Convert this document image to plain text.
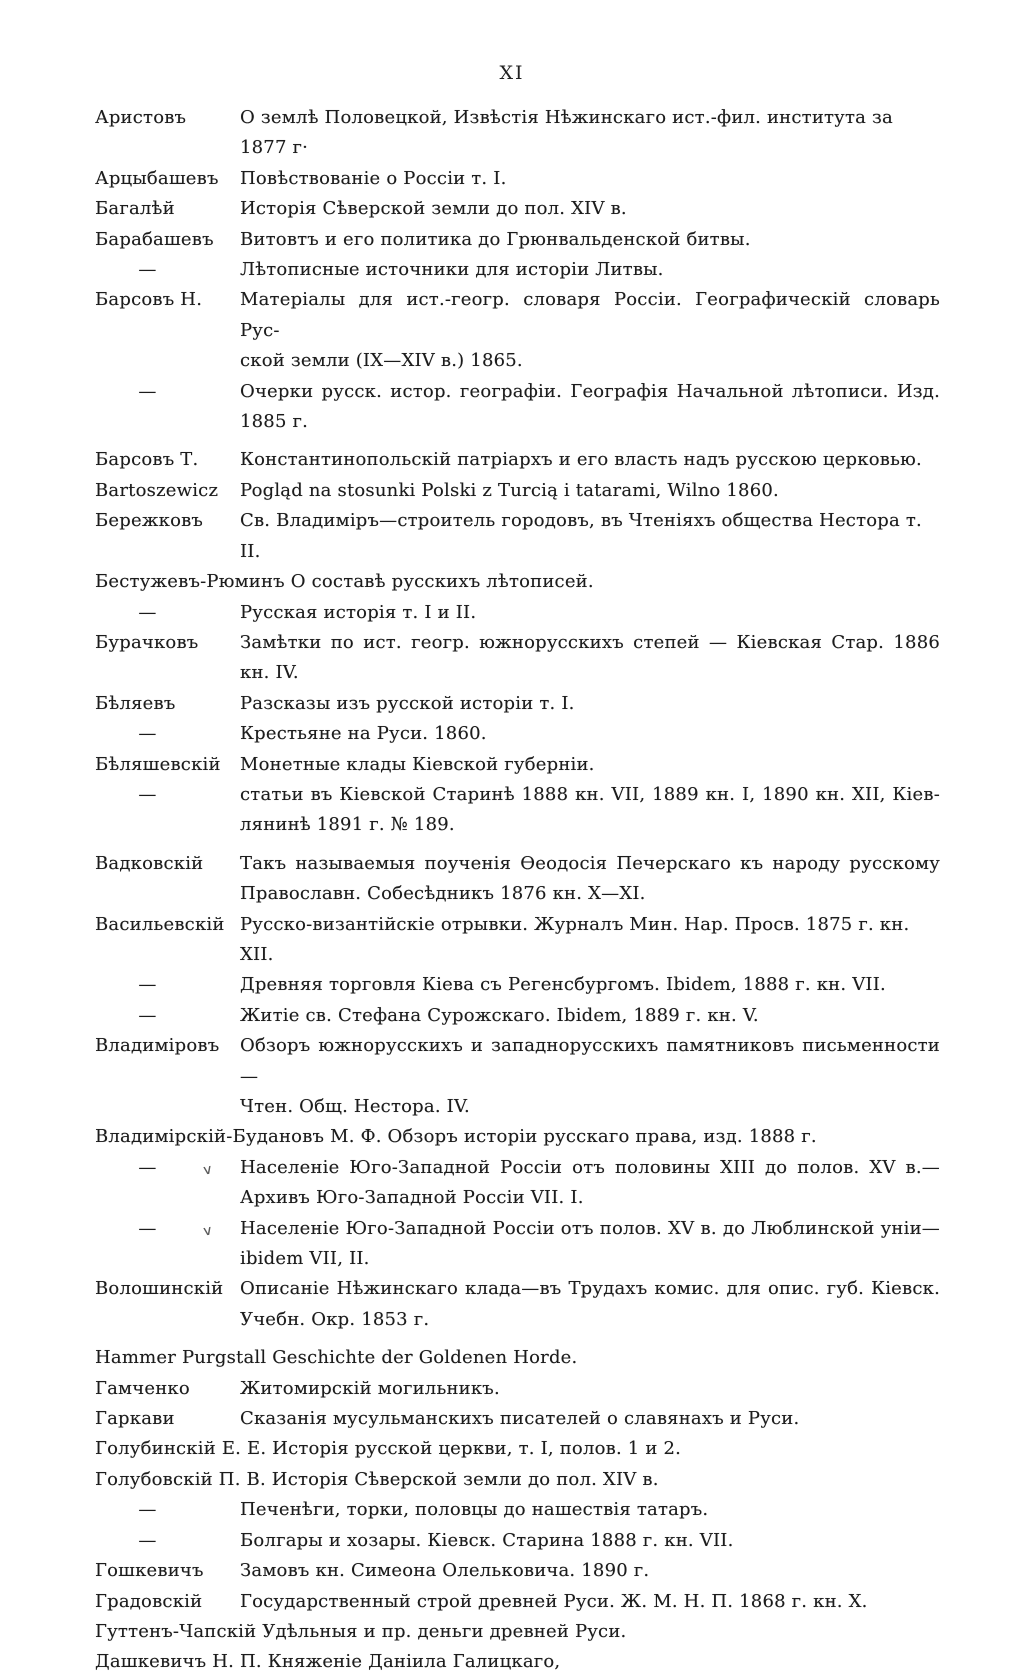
XI
Аристовъ	О землѣ Половецкой, Извѣстія Нѣжинскаго ист.-фил. института за 1877 г·
Арцыбашевъ	Повѣствованіе о Россіи т. I.
Багалѣй	Исторія Сѣверской земли до пол. XIV в.
Барабашевъ	Витовтъ и его политика до Грюнвальденской битвы.
—	Лѣтописные источники для исторіи Литвы.
Барсовъ Н.	Матеріалы для ист.-геогр. словаря Россіи. Географическій словарь Рус-
ской земли (IX—XIV в.) 1865.
—	Очерки русск. истор. географіи. Географія Начальной лѣтописи. Изд.
1885 г.
Барсовъ Т.	Константинопольскій патріархъ и его власть надъ русскою церковью.
Bartoszewicz	Pogląd na stosunki Polski z Turcią i tatarami, Wilno 1860.
Бережковъ	Св. Владиміръ—строитель городовъ, въ Чтеніяхъ общества Нестора т. II.
Бестужевъ-Рюминъ О составѣ русскихъ лѣтописей.
—	Русская исторія т. I и II.
Бурачковъ	Замѣтки по ист. геогр. южнорусскихъ степей — Кіевская Стар. 1886
кн. IV.
Бѣляевъ	Разсказы изъ русской исторіи т. I.
—	Крестьяне на Руси. 1860.
Бѣляшевскій	Монетные клады Кіевской губерніи.
—	статьи въ Кіевской Старинѣ 1888 кн. VII, 1889 кн. I, 1890 кн. XII, Кіев-
лянинѣ 1891 г. № 189.
Вадковскій	Такъ называемыя поученія Ѳеодосія Печерскаго къ народу русскому
Православн. Собесѣдникъ 1876 кн. X—XI.
Васильевскій Русско-византійскіе отрывки. Журналъ Мин. Нар. Просв. 1875 г. кн. XII.
—	Древняя торговля Кіева съ Регенсбургомъ. Ibidem, 1888 г. кн. VII.
—	Житіе св. Стефана Сурожскаго. Ibidem, 1889 г. кн. V.
Владиміровъ	Обзоръ южнорусскихъ и западнорусскихъ памятниковъ письменности—
Чтен. Общ. Нестора. IV.
Владимірскій-Будановъ М. Ф. Обзоръ исторіи русскаго права, изд. 1888 г.
—	∨ Населеніе Юго-Западной Россіи отъ половины XIII до полов. XV в.—
Архивъ Юго-Западной Россіи VII. I.
—	∨ Населеніе Юго-Западной Россіи отъ полов. XV в. до Люблинской уніи—
ibidem VII, II.
Волошинскій Описаніе Нѣжинскаго клада—въ Трудахъ комис. для опис. губ. Кіевск.
Учебн. Окр. 1853 г.
Hammer Purgstall Geschichte der Goldenen Horde.
Гамченко	Житомирскій могильникъ.
Гаркави	Сказанія мусульманскихъ писателей о славянахъ и Руси.
Голубинскій Е. Е. Исторія русской церкви, т. I, полов. 1 и 2.
Голубовскій П. В. Исторія Сѣверской земли до пол. XIV в.
—	Печенѣги, торки, половцы до нашествія татаръ.
—	Болгары и хозары. Кіевск. Старина 1888 г. кн. VII.
Гошкевичъ	Замовъ кн. Симеона Олельковича. 1890 г.
Градовскій	Государственный строй древней Руси. Ж. М. Н. П. 1868 г. кн. X.
Гуттенъ-Чапскій Удѣльныя и пр. деньги древней Руси.
Дашкевичъ Н. П. Княженіе Даніила Галицкаго,
